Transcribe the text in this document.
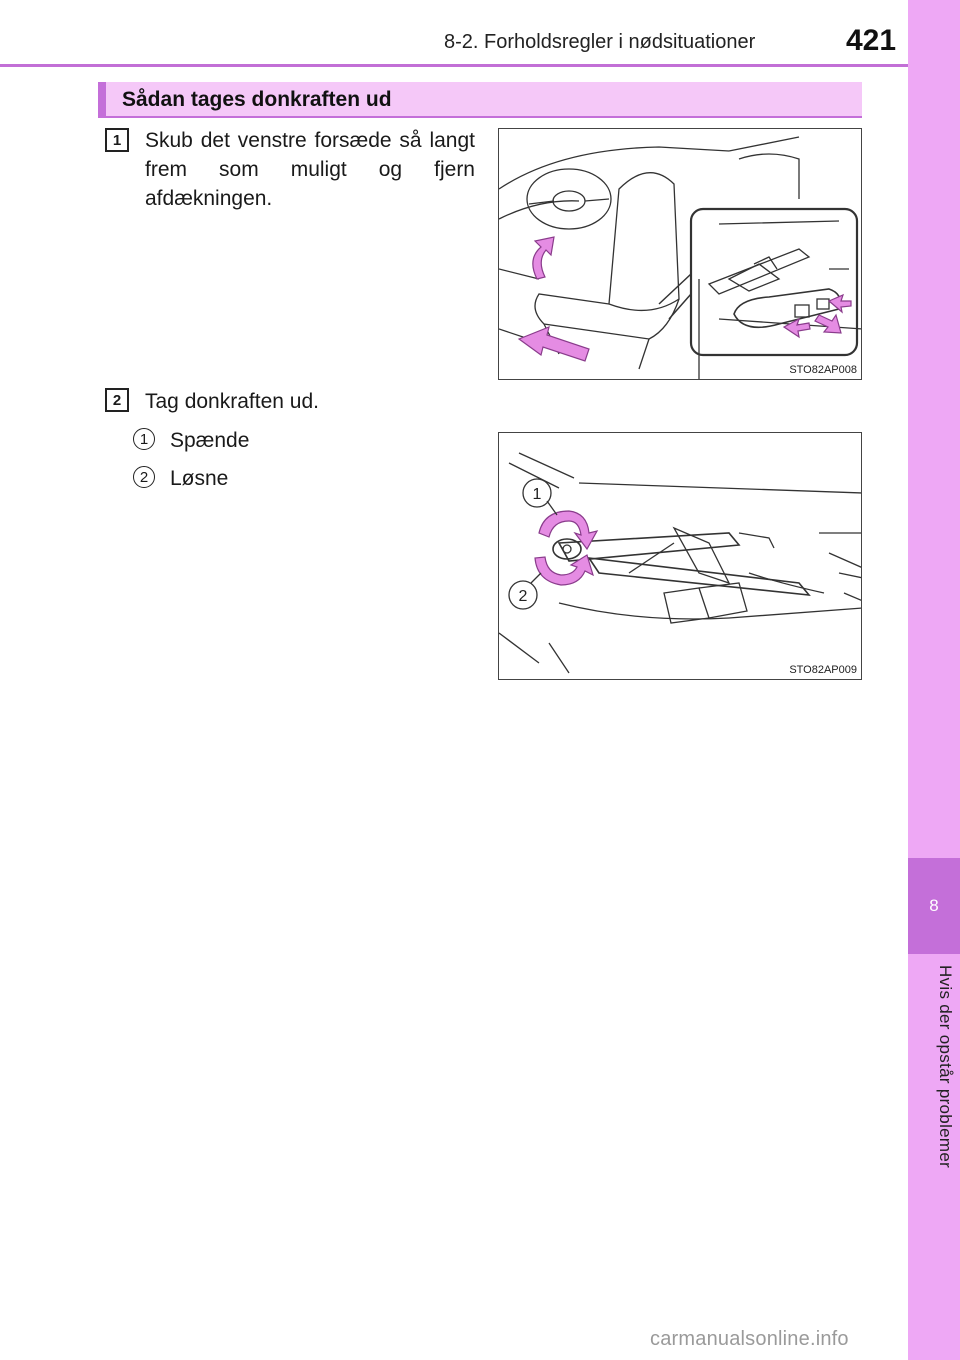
8-2. Forholdsregler i nødsituationer	421
8
Hvis der opstår problemer
Sådan tages donkraften ud
1	Skub det venstre forsæde så langt frem som muligt og fjern afdækningen.
STO82AP008
2	Tag donkraften ud.
1	Spænde
2	Løsne
1
2
STO82AP009
carmanualsonline.info
